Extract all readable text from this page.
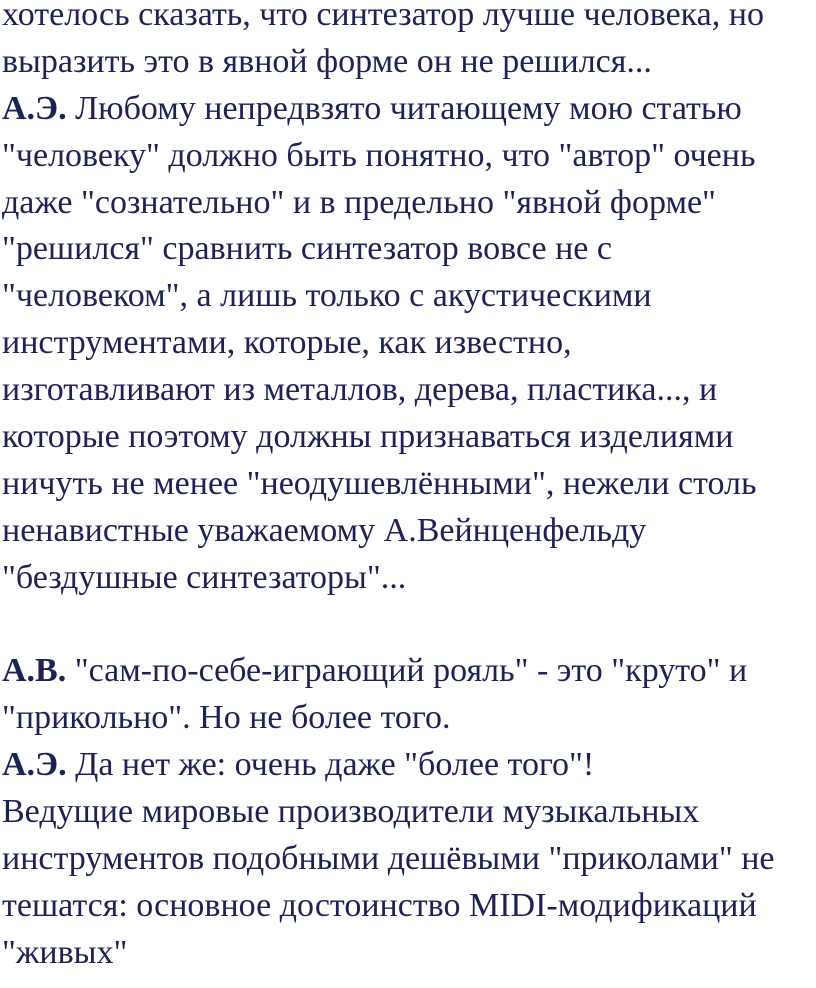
хотелось сказать, что синтезатор лучше человека, но

выразить это в явной форме он не решился...

А.Э. Любому непредвзято читающему мою статью

"человеку" должно быть понятно, что "автор" очень

даже "сознательно" и в предельно "явной форме"

"решился" сравнить синтезатор вовсе не с

"человеком", а лишь только с акустическими

инструментами, которые, как известно,

изготавливают из металлов, дерева, пластика..., и

которые поэтому должны признаваться изделиями

ничуть не менее "неодушевлёнными", нежели столь

ненавистные уважаемому А.Вейнценфельду

"бездушные синтезаторы"...

А.В. "сам-по-себе-играющий рояль" - это "круто" и

"прикольно". Но не более того.

А.Э. Да нет же: очень даже "более того"!

Ведущие мировые производители музыкальных

инструментов подобными дешёвыми "приколами" не

тешатся: основное достоинство MIDI-модификаций

"живых"
